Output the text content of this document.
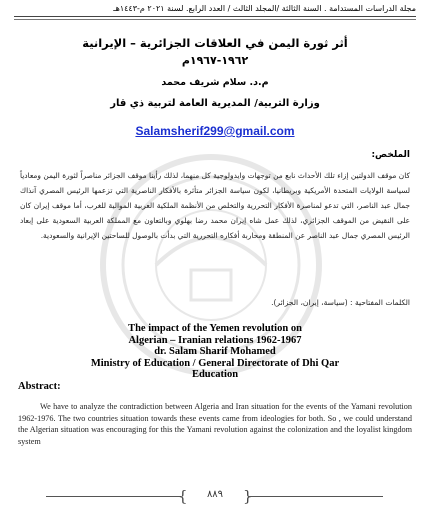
مجلة الدراسات المستدامة . السنة الثالثة /المجلد الثالث / العدد الرابع. لسنة ٢٠٢١ م-١٤٤٣هـ
أثر ثورة اليمن في العلاقات الجزائرية – الإيرانية
١٩٦٢-١٩٦٧م
م.د. سلام شريف محمد
وزارة التربية/ المديرية العامة لتربية ذي قار
Salamsherif299@gmail.com
الملخص:

كان موقف الدولتين إزاء تلك الأحداث نابع من توجهات وايدولوجية كل منهما، لذلك رأينا موقف الجزائر مناصراً لثورة اليمن ومعادياً لسياسة الولايات المتحدة الأمريكية وبريطانيا، لكون سياسة الجزائر متأثرة بالأفكار الناصرية التي تزعمها الرئيس المصري آنذاك جمال عبد الناصر، التي تدعو لمناصرة الأفكار التحررية والتخلص من الأنظمة الملكية العربية الموالية للغرب، أما موقف إيران كان على النقيض من الموقف الجزائري، لذلك عمل شاه إيران محمد رضا بهلوي وبالتعاون مع المملكة العربية السعودية على إبعاد الرئيس المصري جمال عبد الناصر عن المنطقة ومحاربة أفكاره التحررية التي بدأت بالوصول للساحتين الإيرانية والسعودية.

الكلمات المفتاحية : (سياسة، إيران، الجزائر).
The impact of the Yemen revolution on
Algerian – Iranian relations 1962-1967
dr. Salam Sharif Mohamed
Ministry of Education / General Directorate of Dhi Qar
Education
Abstract:

We have to analyze the contradiction between Algeria and Iran situation for the events of the Yamani revolution 1962-1976. The two countries situation towards these events came from ideologies for both. So , we could understand the Algerian situation was encouraging for this the Yamani revolution against the colonization and the loyalist kingdom system

{	٨٨٩	}
